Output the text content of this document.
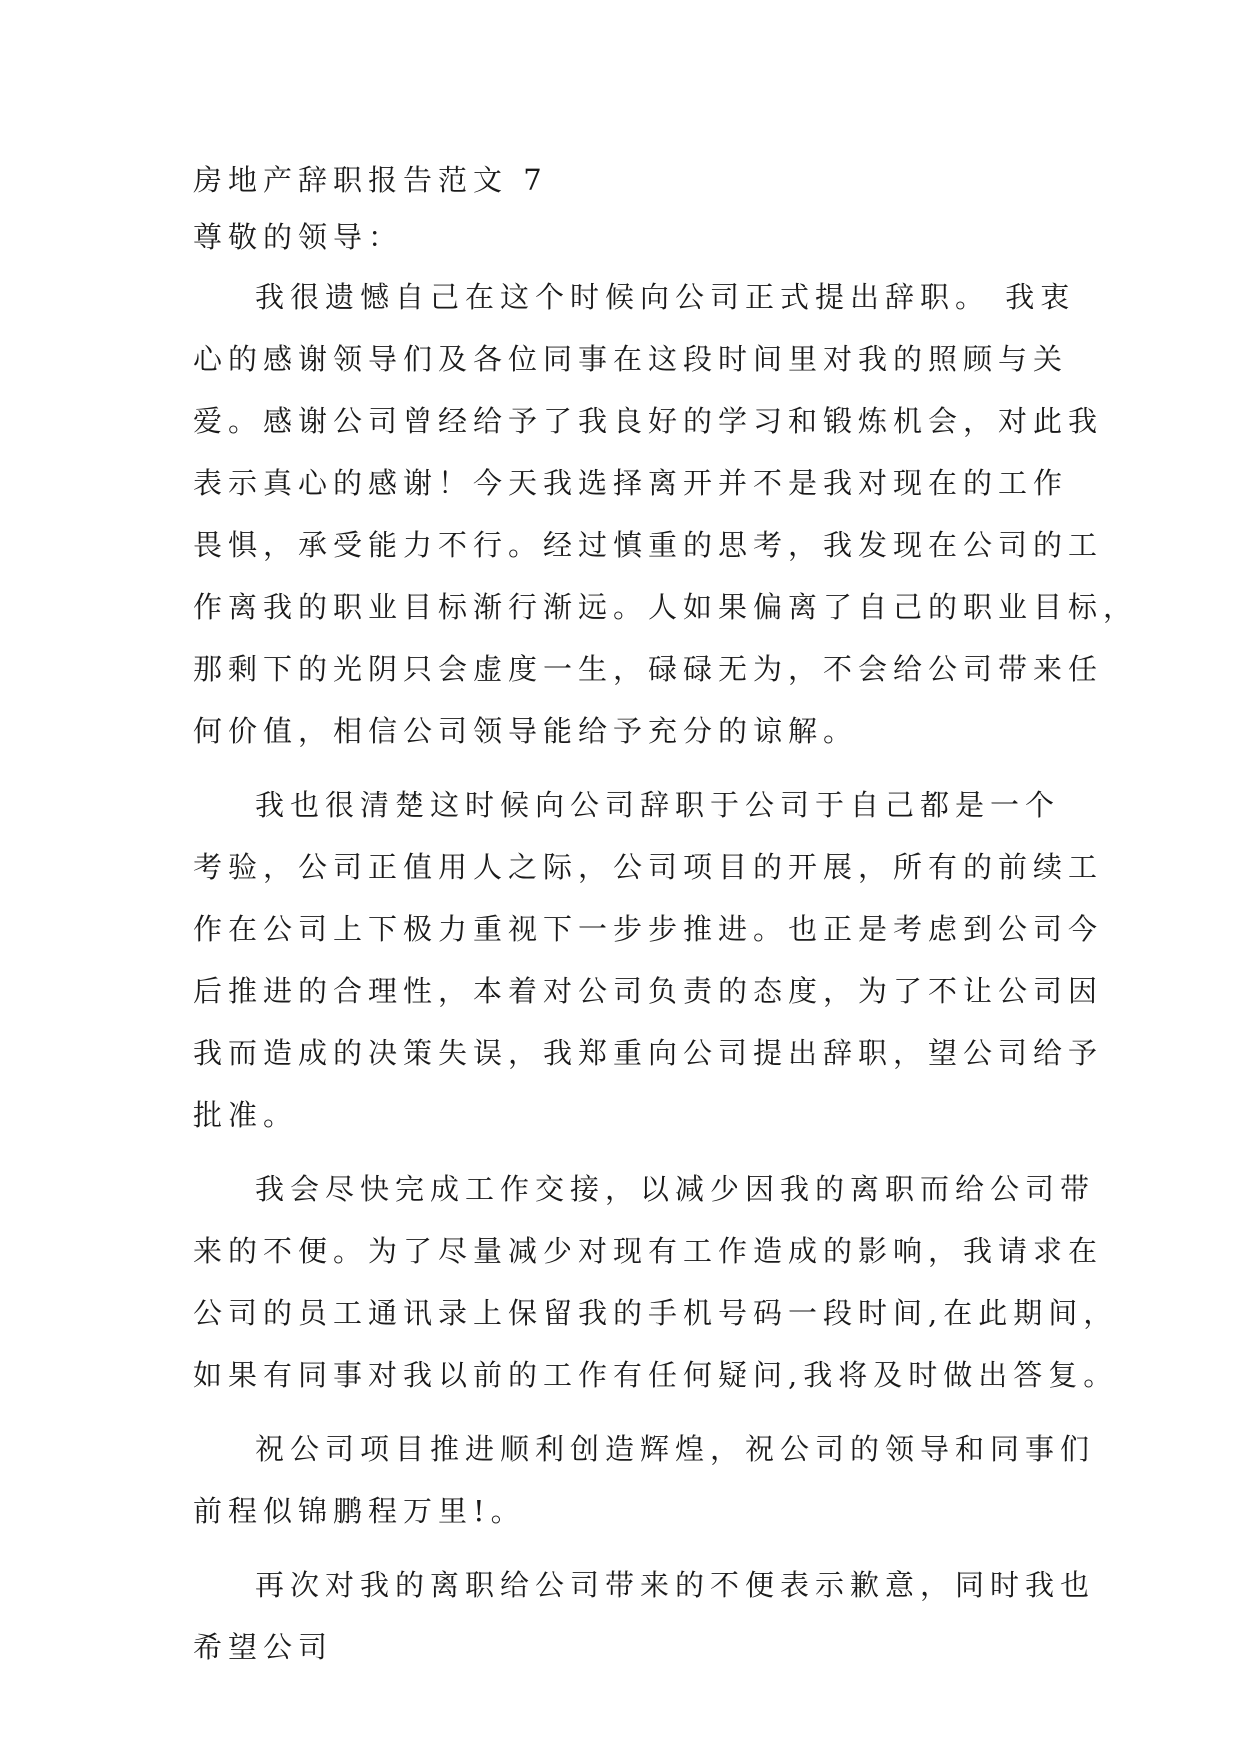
房地产辞职报告范文 7
尊敬的领导：
我很遗憾自己在这个时候向公司正式提出辞职。 我衷
心的感谢领导们及各位同事在这段时间里对我的照顾与关
爱。感谢公司曾经给予了我良好的学习和锻炼机会，对此我
表示真心的感谢！今天我选择离开并不是我对现在的工作
畏惧，承受能力不行。经过慎重的思考，我发现在公司的工
作离我的职业目标渐行渐远。人如果偏离了自己的职业目标，
那剩下的光阴只会虚度一生，碌碌无为，不会给公司带来任
何价值，相信公司领导能给予充分的谅解。
我也很清楚这时候向公司辞职于公司于自己都是一个
考验，公司正值用人之际，公司项目的开展，所有的前续工
作在公司上下极力重视下一步步推进。也正是考虑到公司今
后推进的合理性，本着对公司负责的态度，为了不让公司因
我而造成的决策失误，我郑重向公司提出辞职，望公司给予
批准。
我会尽快完成工作交接，以减少因我的离职而给公司带
来的不便。为了尽量减少对现有工作造成的影响，我请求在
公司的员工通讯录上保留我的手机号码一段时间,在此期间，
如果有同事对我以前的工作有任何疑问,我将及时做出答复。
祝公司项目推进顺利创造辉煌，祝公司的领导和同事们
前程似锦鹏程万里!。
再次对我的离职给公司带来的不便表示歉意，同时我也
希望公司
